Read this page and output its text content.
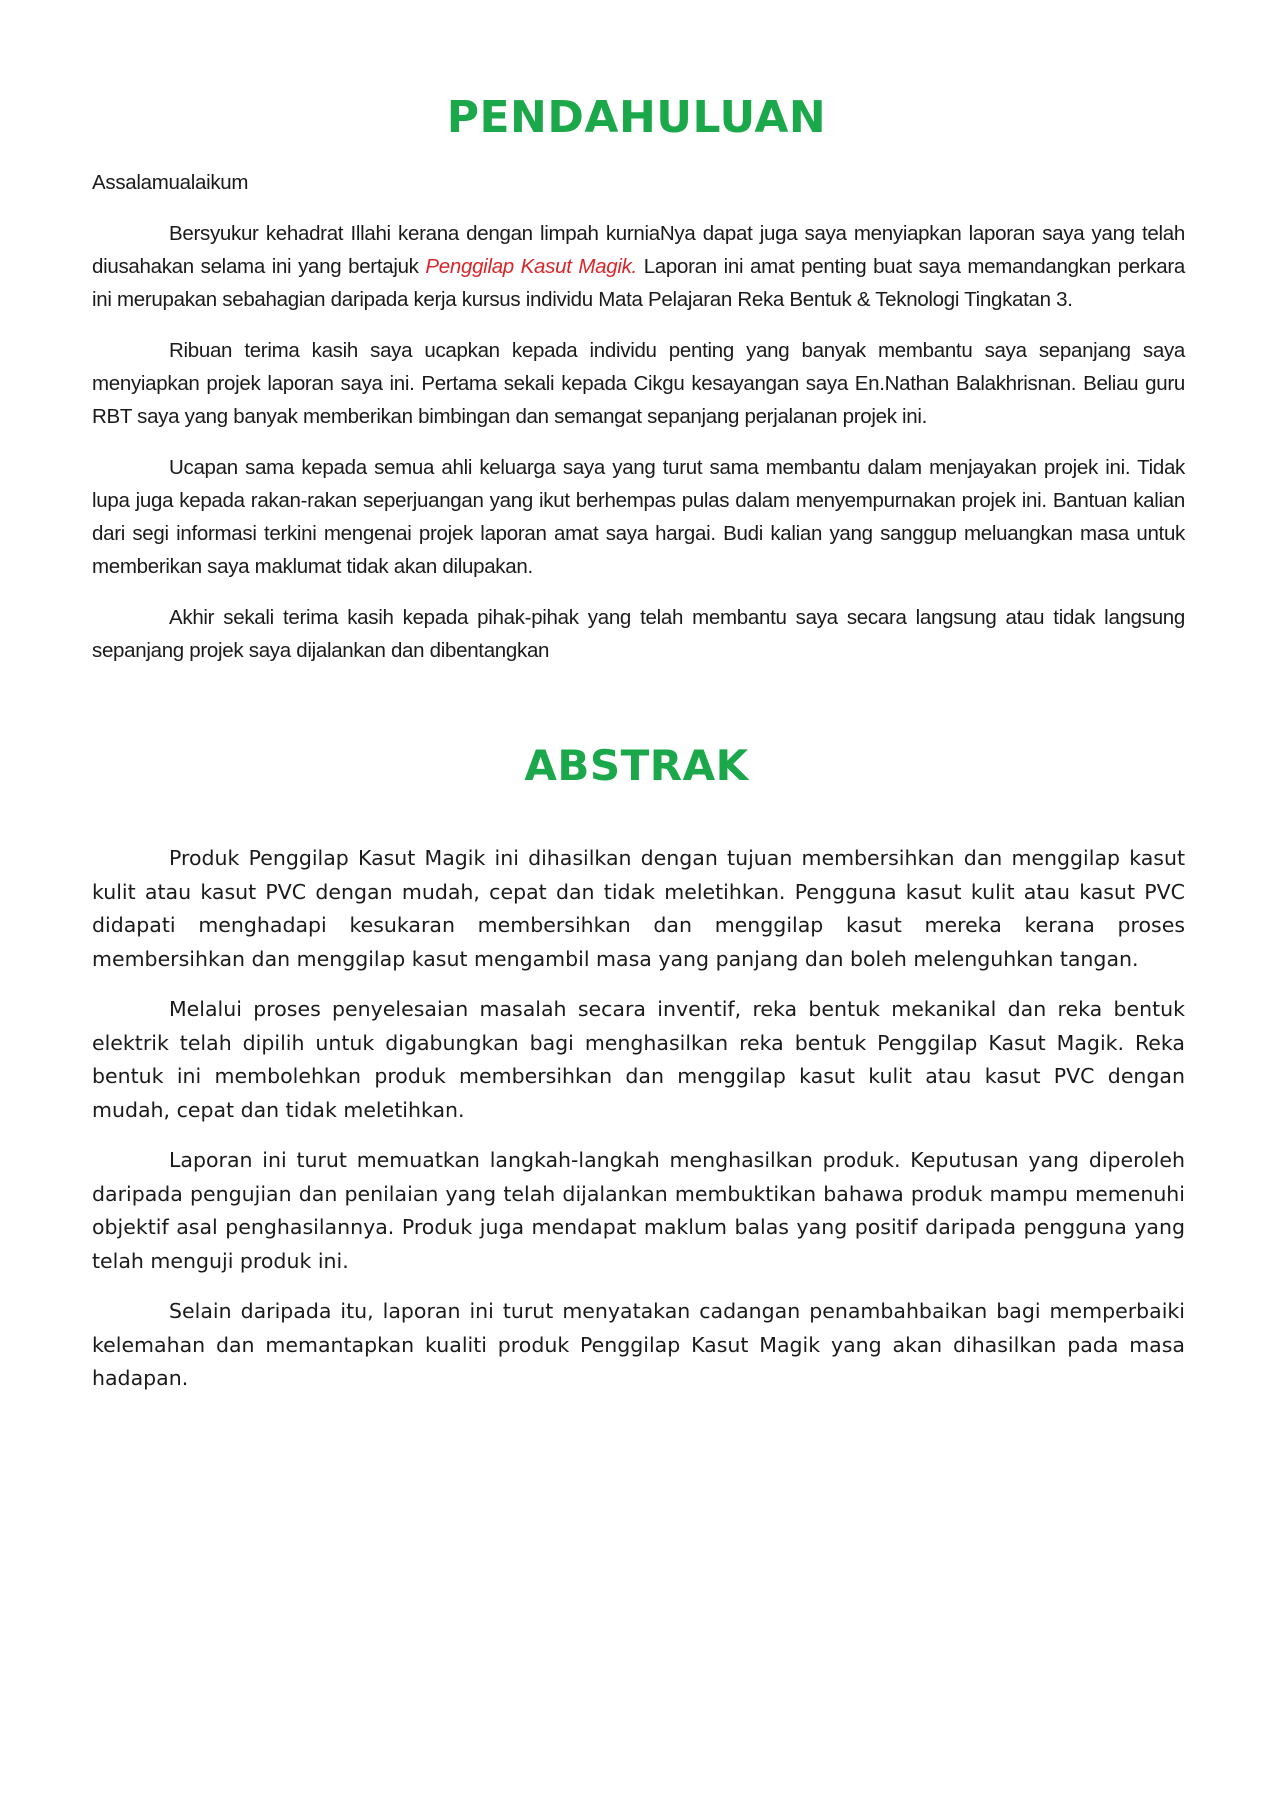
PENDAHULUAN

Assalamualaikum

Bersyukur kehadrat Illahi kerana dengan limpah kurniaNya dapat juga saya menyiapkan laporan saya yang telah diusahakan selama ini yang bertajuk Penggilap Kasut Magik. Laporan ini amat penting buat saya memandangkan perkara ini merupakan sebahagian daripada kerja kursus individu Mata Pelajaran Reka Bentuk & Teknologi Tingkatan 3.

Ribuan terima kasih saya ucapkan kepada individu penting yang banyak membantu saya sepanjang saya menyiapkan projek laporan saya ini. Pertama sekali kepada Cikgu kesayangan saya En.Nathan Balakhrisnan. Beliau guru RBT saya yang banyak memberikan bimbingan dan semangat sepanjang perjalanan projek ini.

Ucapan sama kepada semua ahli keluarga saya yang turut sama membantu dalam menjayakan projek ini. Tidak lupa juga kepada rakan-rakan seperjuangan yang ikut berhempas pulas dalam menyempurnakan projek ini. Bantuan kalian dari segi informasi terkini mengenai projek laporan amat saya hargai. Budi kalian yang sanggup meluangkan masa untuk memberikan saya maklumat tidak akan dilupakan.

Akhir sekali terima kasih kepada pihak-pihak yang telah membantu saya secara langsung atau tidak langsung sepanjang projek saya dijalankan dan dibentangkan

ABSTRAK

Produk Penggilap Kasut Magik ini dihasilkan dengan tujuan membersihkan dan menggilap kasut kulit atau kasut PVC dengan mudah, cepat dan tidak meletihkan. Pengguna kasut kulit atau kasut PVC didapati menghadapi kesukaran membersihkan dan menggilap kasut mereka kerana proses membersihkan dan menggilap kasut mengambil masa yang panjang dan boleh melenguhkan tangan.

Melalui proses penyelesaian masalah secara inventif, reka bentuk mekanikal dan reka bentuk elektrik telah dipilih untuk digabungkan bagi menghasilkan reka bentuk Penggilap Kasut Magik. Reka bentuk ini membolehkan produk membersihkan dan menggilap kasut kulit atau kasut PVC dengan mudah, cepat dan tidak meletihkan.

Laporan ini turut memuatkan langkah-langkah menghasilkan produk. Keputusan yang diperoleh daripada pengujian dan penilaian yang telah dijalankan membuktikan bahawa produk mampu memenuhi objektif asal penghasilannya. Produk juga mendapat maklum balas yang positif daripada pengguna yang telah menguji produk ini.

Selain daripada itu, laporan ini turut menyatakan cadangan penambahbaikan bagi memperbaiki kelemahan dan memantapkan kualiti produk Penggilap Kasut Magik yang akan dihasilkan pada masa hadapan.
